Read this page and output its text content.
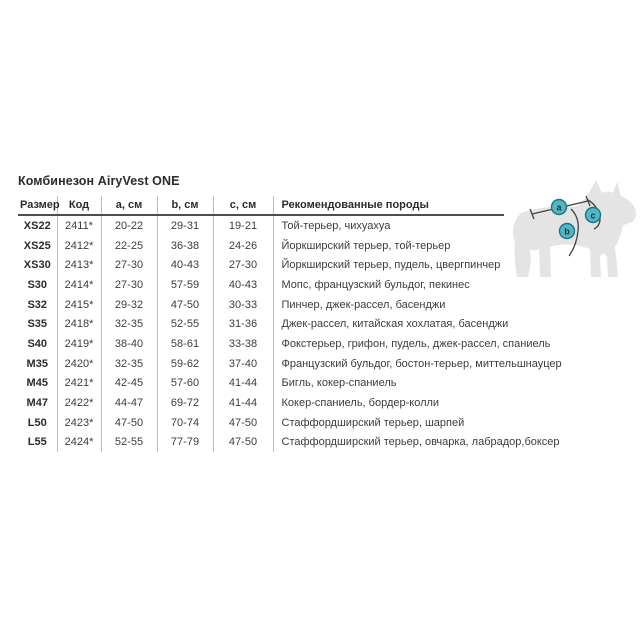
Комбинезон AiryVest ONE
Размер	Код	a, см	b, см	c, см	Рекомендованные породы
XS22	2411*	20-22	29-31	19-21	Той-терьер, чихуахуа
XS25	2412*	22-25	36-38	24-26	Йоркширский терьер, той-терьер
XS30	2413*	27-30	40-43	27-30	Йоркширский терьер, пудель, цвергпинчер
S30	2414*	27-30	57-59	40-43	Мопс, французский бульдог, пекинес
S32	2415*	29-32	47-50	30-33	Пинчер, джек-рассел, басенджи
S35	2418*	32-35	52-55	31-36	Джек-рассел, китайская хохлатая, басенджи
S40	2419*	38-40	58-61	33-38	Фокстерьер, грифон, пудель, джек-рассел, спаниель
M35	2420*	32-35	59-62	37-40	Французский бульдог, бостон-терьер, миттельшнауцер
M45	2421*	42-45	57-60	41-44	Бигль, кокер-спаниель
M47	2422*	44-47	69-72	41-44	Кокер-спаниель, бордер-колли
L50	2423*	47-50	70-74	47-50	Стаффордширский терьер, шарпей
L55	2424*	52-55	77-79	47-50	Стаффордширский терьер, овчарка, лабрадор,боксер
a
b
c
